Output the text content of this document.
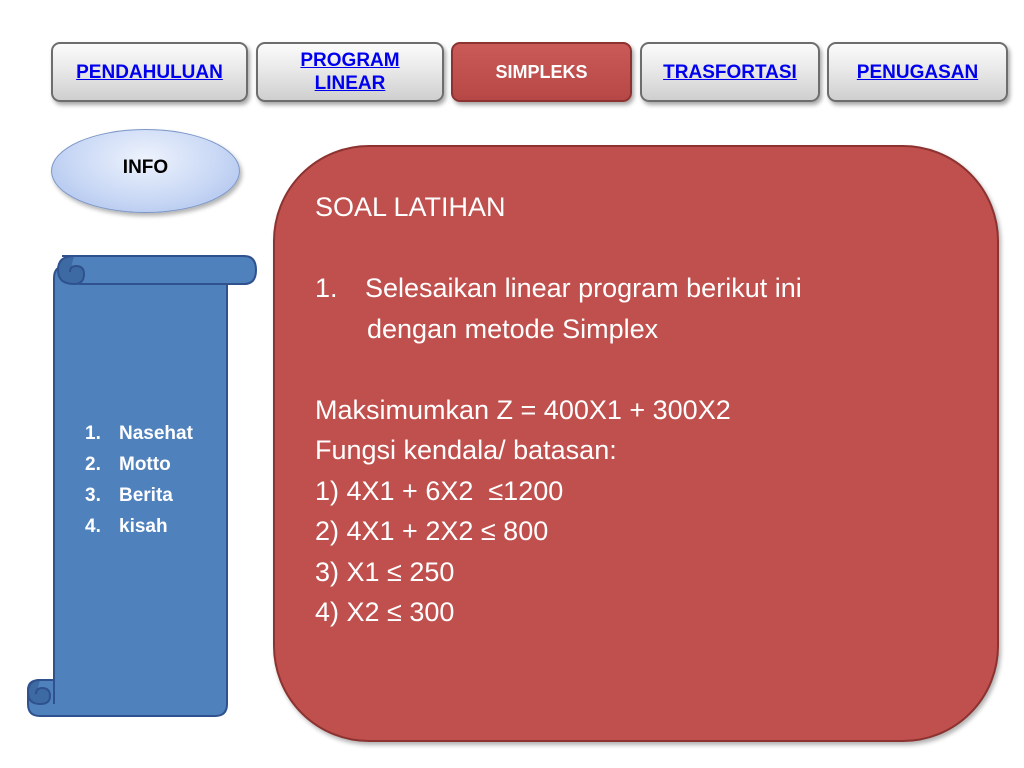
PENDAHULUAN
PROGRAM LINEAR
SIMPLEKS	TRASFORTASI	PENUGASAN
INFO
1. Nasehat
2. Motto
3. Berita
4. kisah
SOAL LATIHAN
1. Selesaikan linear program berikut ini
dengan metode Simplex
Maksimumkan Z = 400X1 + 300X2
Fungsi kendala/ batasan:
1) 4X1 + 6X2  ≤1200
2) 4X1 + 2X2 ≤ 800
3) X1 ≤ 250
4) X2 ≤ 300
